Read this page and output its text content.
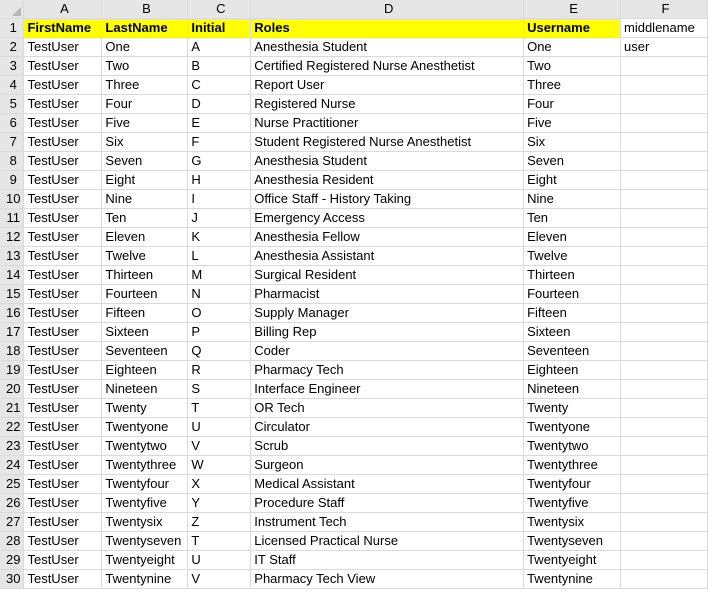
	A	B	C	D	E	F
1	FirstName	LastName	Initial	Roles	Username	middlename
2	TestUser	One	A	Anesthesia Student	One	user
3	TestUser	Two	B	Certified Registered Nurse Anesthetist	Two	
4	TestUser	Three	C	Report User	Three	
5	TestUser	Four	D	Registered Nurse	Four	
6	TestUser	Five	E	Nurse Practitioner	Five	
7	TestUser	Six	F	Student Registered Nurse Anesthetist	Six	
8	TestUser	Seven	G	Anesthesia Student	Seven	
9	TestUser	Eight	H	Anesthesia Resident	Eight	
10	TestUser	Nine	I	Office Staff - History Taking	Nine	
11	TestUser	Ten	J	Emergency Access	Ten	
12	TestUser	Eleven	K	Anesthesia Fellow	Eleven	
13	TestUser	Twelve	L	Anesthesia Assistant	Twelve	
14	TestUser	Thirteen	M	Surgical Resident	Thirteen	
15	TestUser	Fourteen	N	Pharmacist	Fourteen	
16	TestUser	Fifteen	O	Supply Manager	Fifteen	
17	TestUser	Sixteen	P	Billing Rep	Sixteen	
18	TestUser	Seventeen	Q	Coder	Seventeen	
19	TestUser	Eighteen	R	Pharmacy Tech	Eighteen	
20	TestUser	Nineteen	S	Interface Engineer	Nineteen	
21	TestUser	Twenty	T	OR Tech	Twenty	
22	TestUser	Twentyone	U	Circulator	Twentyone	
23	TestUser	Twentytwo	V	Scrub	Twentytwo	
24	TestUser	Twentythree	W	Surgeon	Twentythree	
25	TestUser	Twentyfour	X	Medical Assistant	Twentyfour	
26	TestUser	Twentyfive	Y	Procedure Staff	Twentyfive	
27	TestUser	Twentysix	Z	Instrument Tech	Twentysix	
28	TestUser	Twentyseven	T	Licensed Practical Nurse	Twentyseven	
29	TestUser	Twentyeight	U	IT Staff	Twentyeight	
30	TestUser	Twentynine	V	Pharmacy Tech View	Twentynine	
